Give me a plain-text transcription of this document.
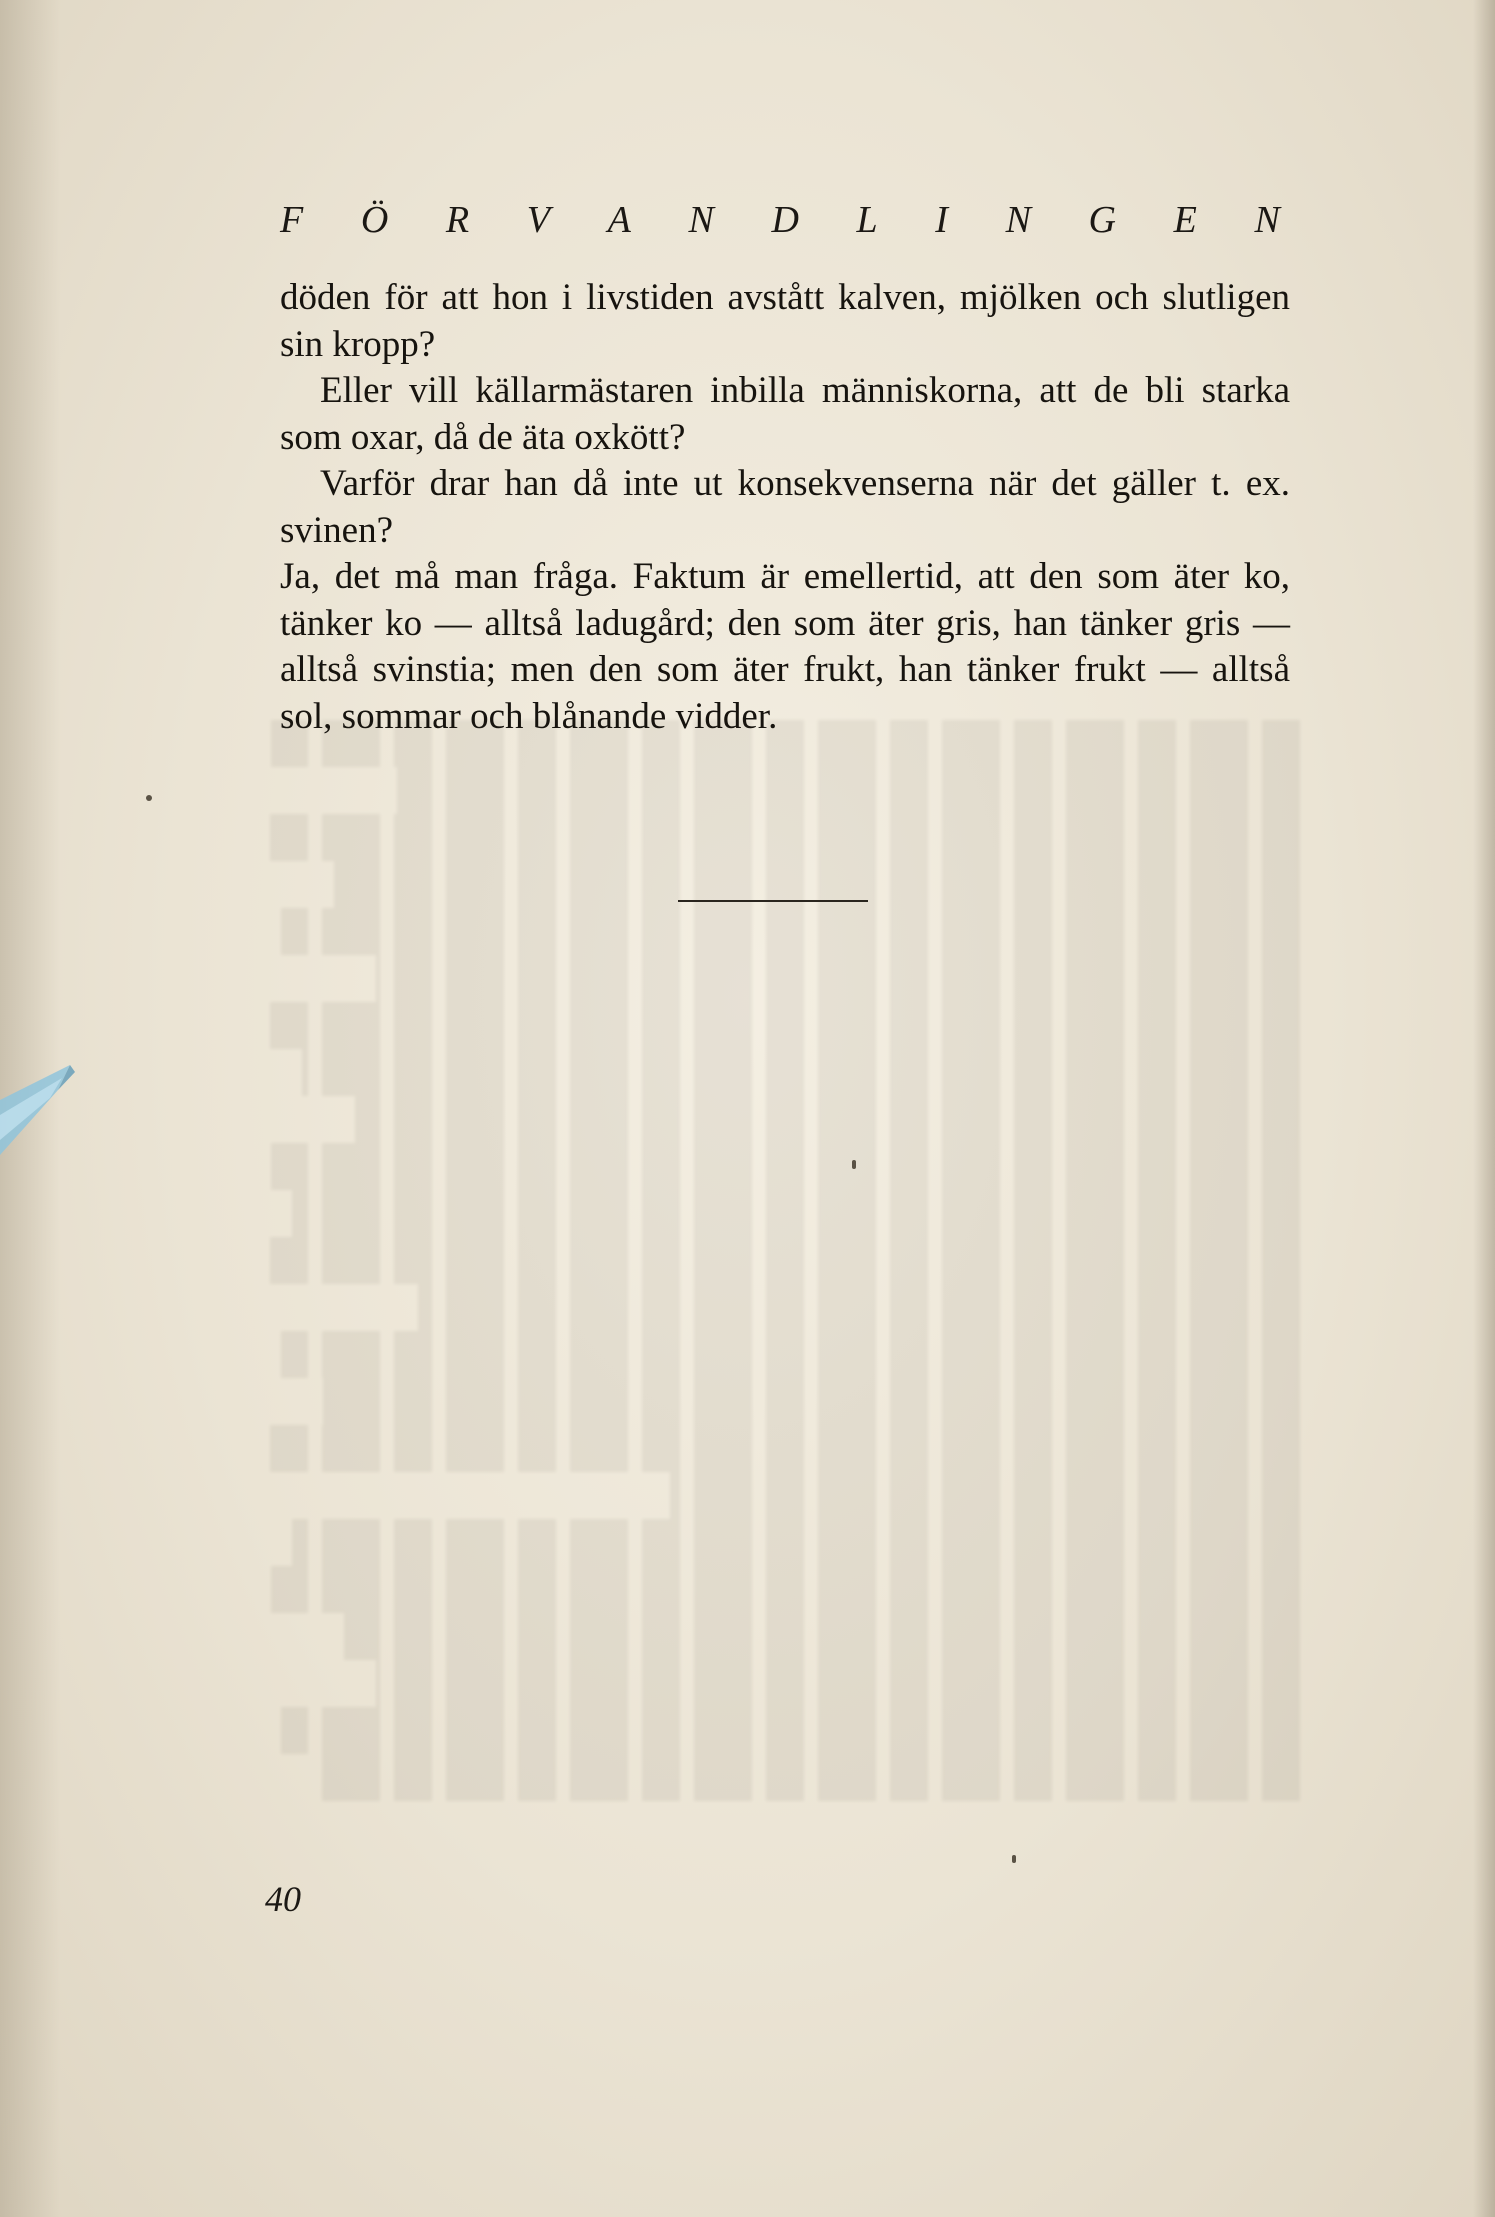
F Ö R V A N D L I N G E N

döden för att hon i livstiden avstått kalven, mjölken och slutligen sin kropp?

Eller vill källarmästaren inbilla människorna, att de bli starka som oxar, då de äta oxkött?

Varför drar han då inte ut konsekvenserna när det gäller t. ex. svinen?

Ja, det må man fråga. Faktum är emellertid, att den som äter ko, tänker ko — alltså ladugård; den som äter gris, han tänker gris — alltså svinstia; men den som äter frukt, han tänker frukt — alltså sol, sommar och blånande vidder.

40
